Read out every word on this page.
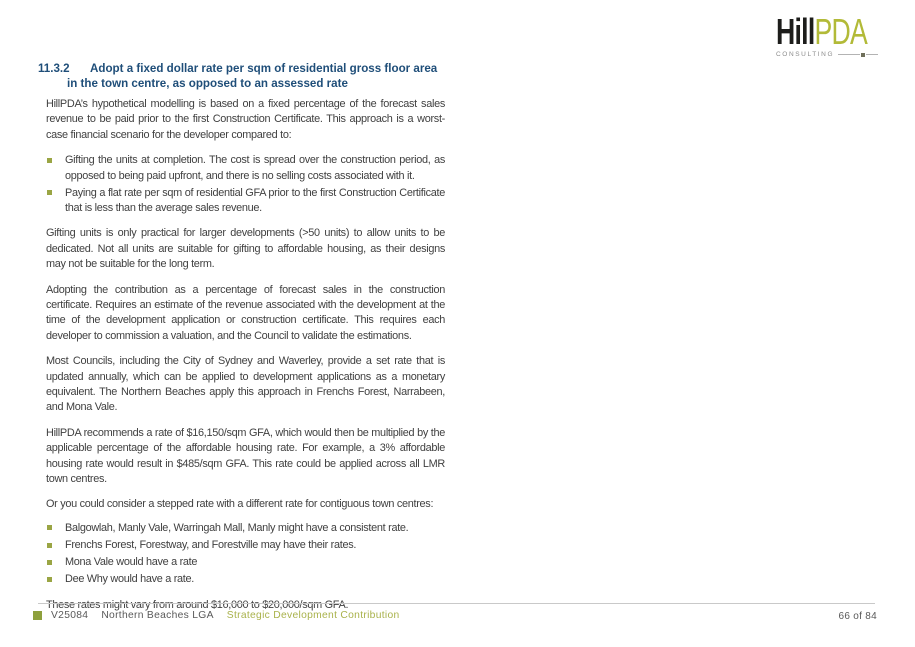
HillPDA
CONSULTING
11.3.2	Adopt a fixed dollar rate per sqm of residential gross floor area in the town centre, as opposed to an assessed rate

HillPDA’s hypothetical modelling is based on a fixed percentage of the forecast sales revenue to be paid prior to the first Construction Certificate. This approach is a worst-case financial scenario for the developer compared to:

Gifting the units at completion. The cost is spread over the construction period, as opposed to being paid upfront, and there is no selling costs associated with it.
Paying a flat rate per sqm of residential GFA prior to the first Construction Certificate that is less than the average sales revenue.

Gifting units is only practical for larger developments (>50 units) to allow units to be dedicated. Not all units are suitable for gifting to affordable housing, as their designs may not be suitable for the long term.

Adopting the contribution as a percentage of forecast sales in the construction certificate. Requires an estimate of the revenue associated with the development at the time of the development application or construction certificate. This requires each developer to commission a valuation, and the Council to validate the estimations.

Most Councils, including the City of Sydney and Waverley, provide a set rate that is updated annually, which can be applied to development applications as a monetary equivalent. The Northern Beaches apply this approach in Frenchs Forest, Narrabeen, and Mona Vale.

HillPDA recommends a rate of $16,150/sqm GFA, which would then be multiplied by the applicable percentage of the affordable housing rate. For example, a 3% affordable housing rate would result in $485/sqm GFA. This rate could be applied across all LMR town centres.

Or you could consider a stepped rate with a different rate for contiguous town centres:

Balgowlah, Manly Vale, Warringah Mall, Manly might have a consistent rate.
Frenchs Forest, Forestway, and Forestville may have their rates.
Mona Vale would have a rate
Dee Why would have a rate.

These rates might vary from around $16,000 to $20,000/sqm GFA.

V25084 Northern Beaches LGA Strategic Development Contribution	66 of 84
